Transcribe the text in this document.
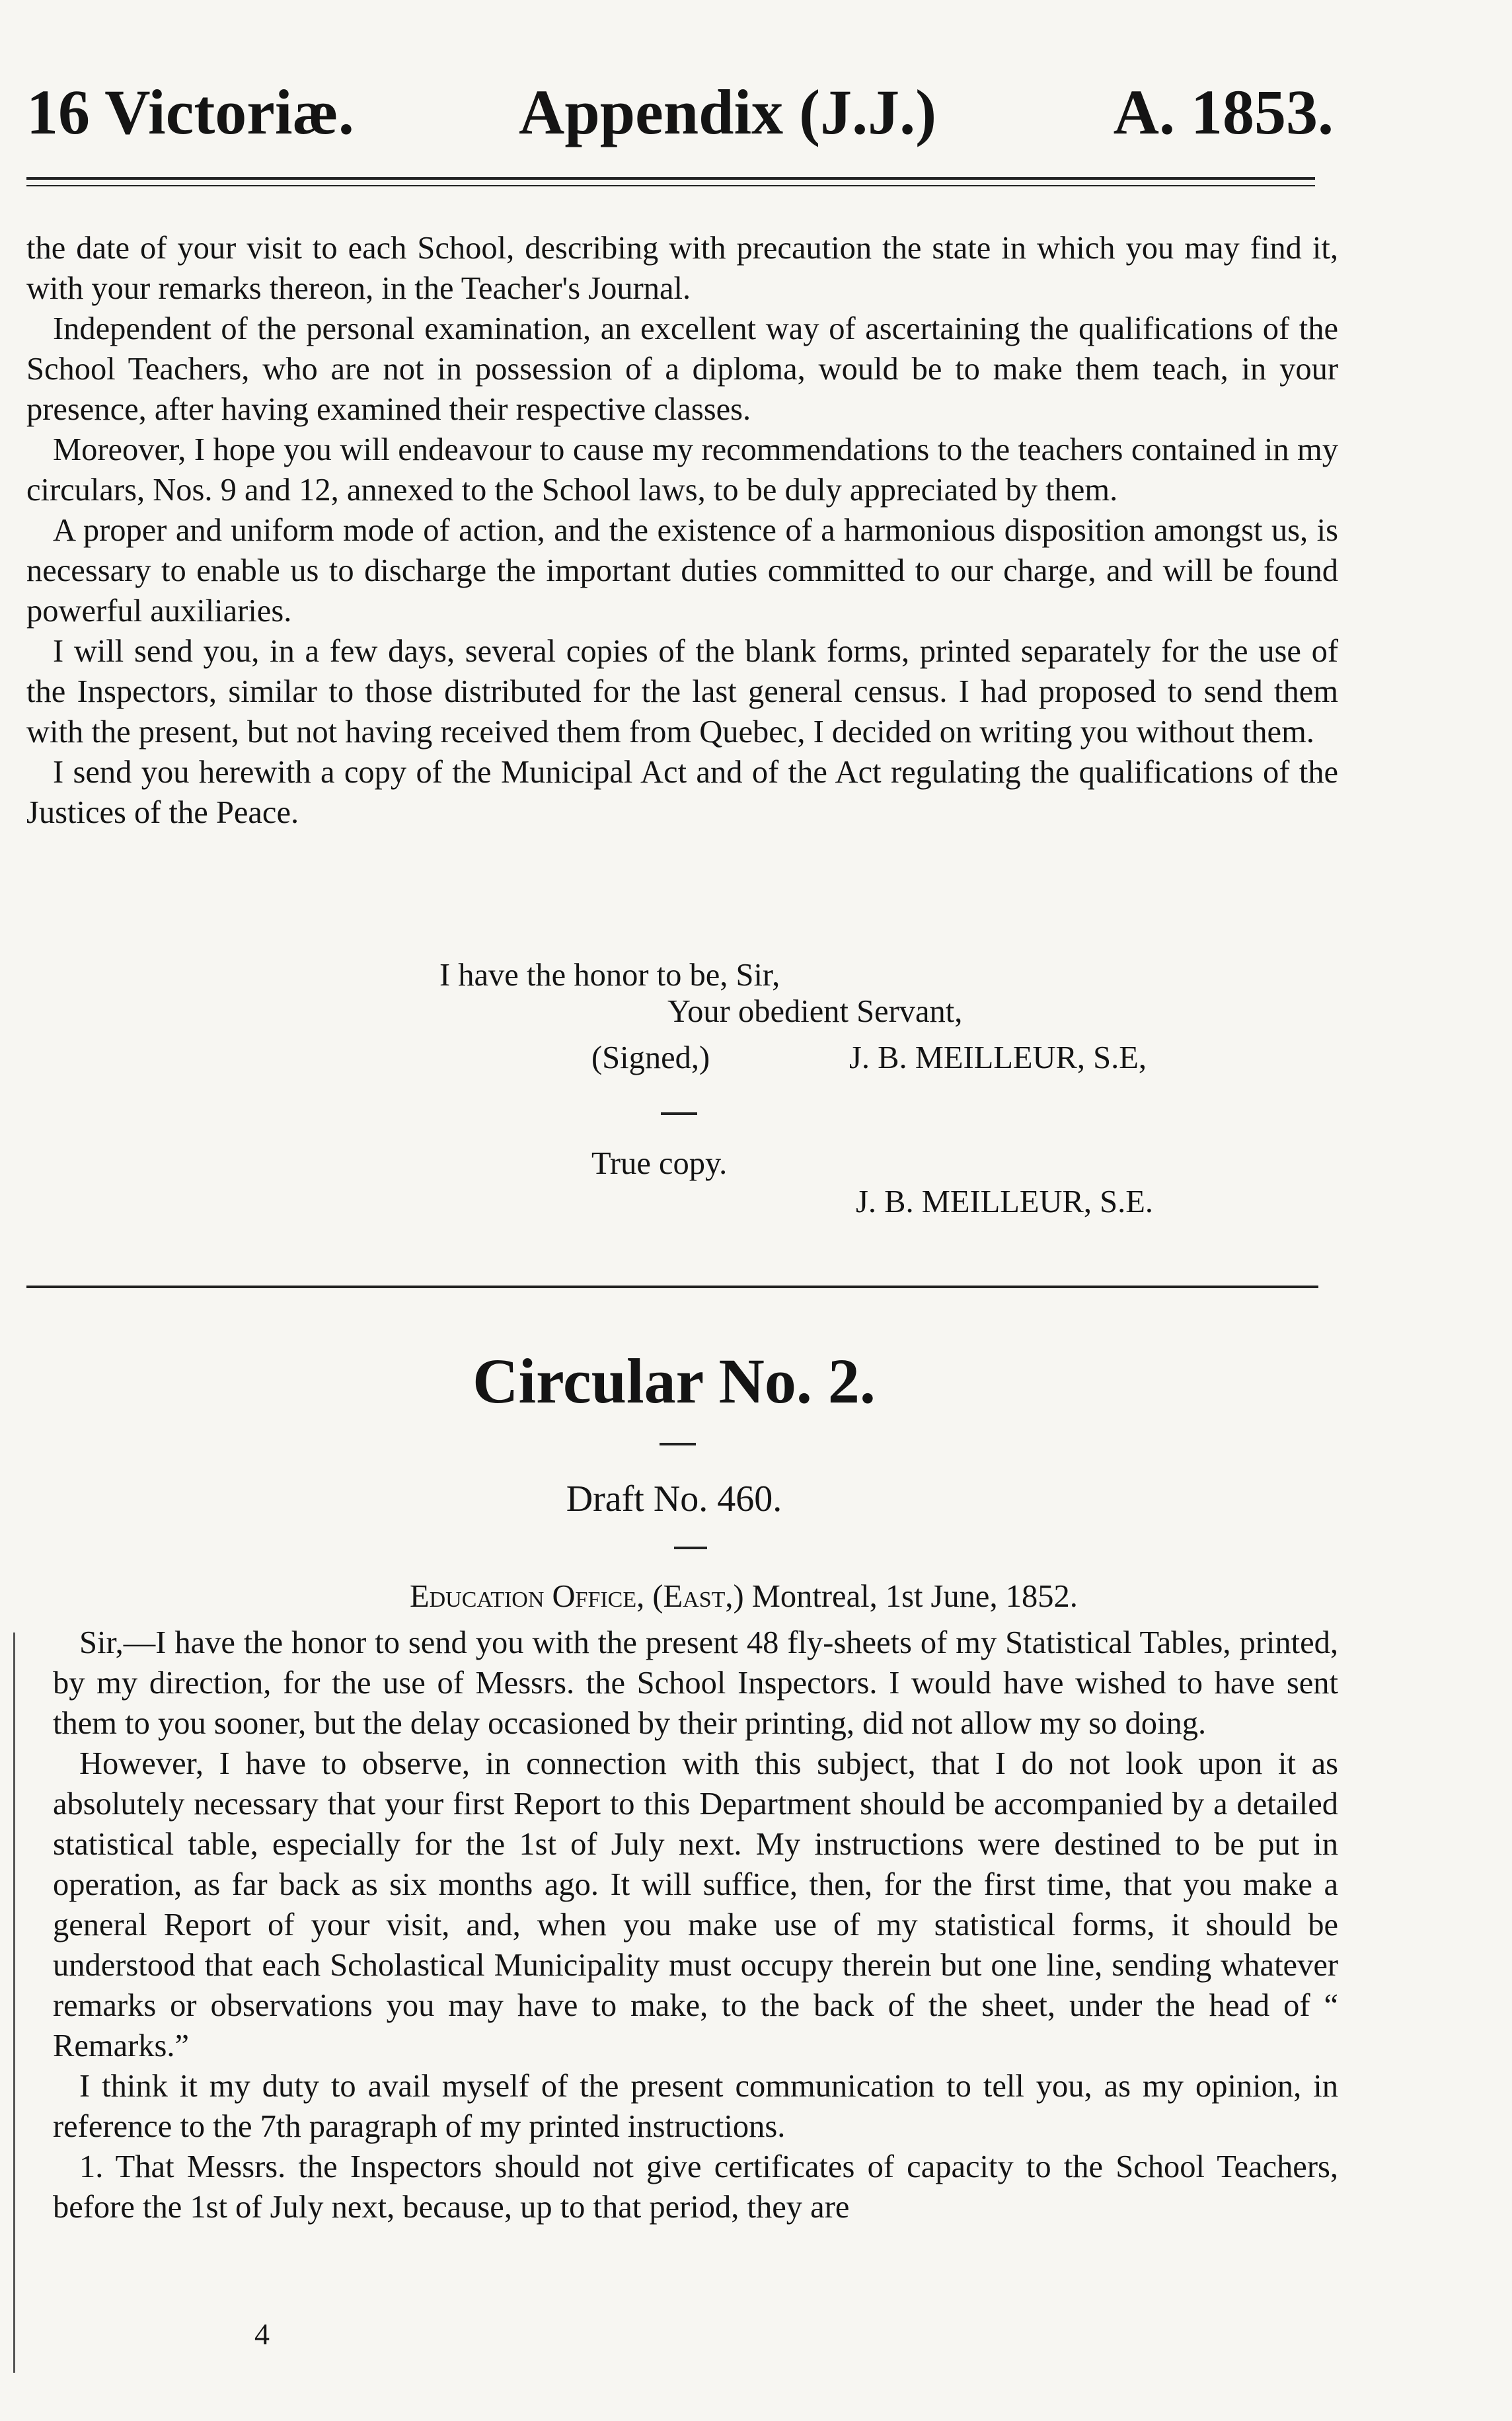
16 Victoriæ.	Appendix (J.J.)	A. 1853.

the date of your visit to each School, describing with precaution the state in which you may find it, with your remarks thereon, in the Teacher's Journal.

Independent of the personal examination, an excellent way of ascertaining the qualifications of the School Teachers, who are not in possession of a diploma, would be to make them teach, in your presence, after having examined their respective classes.

Moreover, I hope you will endeavour to cause my recommendations to the teachers contained in my circulars, Nos. 9 and 12, annexed to the School laws, to be duly appreciated by them.

A proper and uniform mode of action, and the existence of a harmonious disposition amongst us, is necessary to enable us to discharge the important duties committed to our charge, and will be found powerful auxiliaries.

I will send you, in a few days, several copies of the blank forms, printed separately for the use of the Inspectors, similar to those distributed for the last general census. I had proposed to send them with the present, but not having received them from Quebec, I decided on writing you without them.

I send you herewith a copy of the Municipal Act and of the Act regulating the qualifications of the Justices of the Peace.

I have the honor to be, Sir,
Your obedient Servant,
(Signed,)	J. B. MEILLEUR, S.E,
True copy.
J. B. MEILLEUR, S.E.
Circular No. 2.
Draft No. 460.
Education Office, (East,) Montreal, 1st June, 1852.

Sir,—I have the honor to send you with the present 48 fly-sheets of my Statistical Tables, printed, by my direction, for the use of Messrs. the School Inspectors. I would have wished to have sent them to you sooner, but the delay occasioned by their printing, did not allow my so doing.

However, I have to observe, in connection with this subject, that I do not look upon it as absolutely necessary that your first Report to this Department should be accompanied by a detailed statistical table, especially for the 1st of July next. My instructions were destined to be put in operation, as far back as six months ago. It will suffice, then, for the first time, that you make a general Report of your visit, and, when you make use of my statistical forms, it should be understood that each Scholastical Municipality must occupy therein but one line, sending whatever remarks or observations you may have to make, to the back of the sheet, under the head of “ Remarks.”

I think it my duty to avail myself of the present communication to tell you, as my opinion, in reference to the 7th paragraph of my printed instructions.

1. That Messrs. the Inspectors should not give certificates of capacity to the School Teachers, before the 1st of July next, because, up to that period, they are

4
